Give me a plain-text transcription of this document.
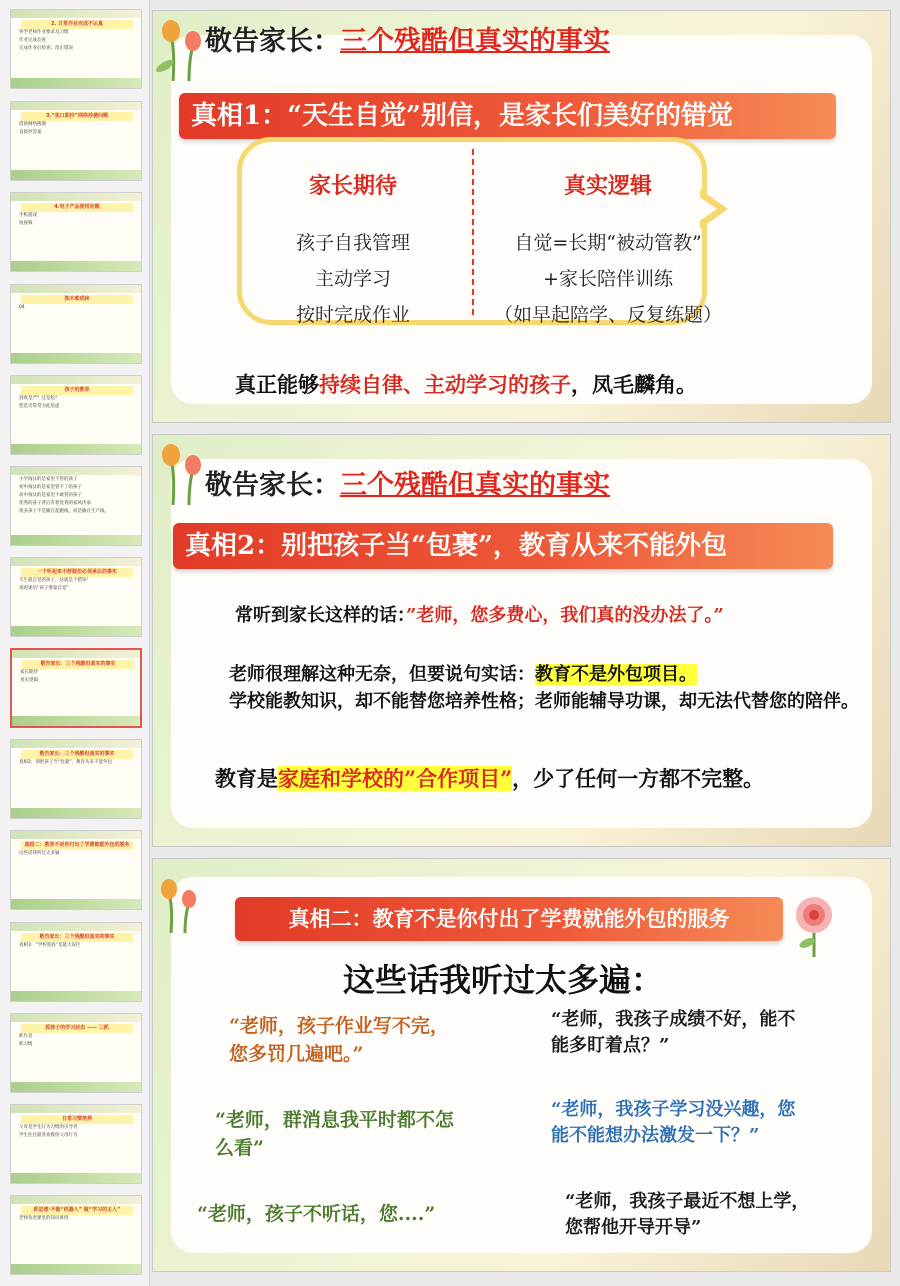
2. 日常作业完成不认真

各学老师作业要求及习惯

作业完成态度

完成作业后检查，改正错误

3.“张口即抄”网络抄袭问题

借助网络搜题

直接抄答案

4.电子产品使用问题

手机游戏

短视频

独木难成林

04

孩子的教育

到底是严？还是松？

您是否常常为此焦虑

小学淘汰的是家里不管的孩子

初中淘汰的是家里管不了的孩子

高中淘汰的是家里不敢管的孩子

优秀的孩子背后有着优秀的家风传承

很多孩子不是输在起跑线，而是输在生产线。

一个听起来不舒服但必须承认的事实

天生就自觉的孩子，这就是个错误！

别再迷信“孩子要靠自觉”

敬告家长：三个残酷但真实的事实

家长期待

真实逻辑

敬告家长：三个残酷但真实的事实

真相2：别把孩子当“包裹”，教育从来不能外包

真相二：教育不是你付出了学费就能外包的服务

这些话我听过太多遍

敬告家长：三个残酷但真实的事实

真相3：“学校兜底”是最大误区

抓孩子的学习状态 —— 三抓

抓作息

抓习惯

日常习惯培养

父母是学生行为习惯的引导者

学生往往最喜欢模仿父母行为

抓思想·不做“机器人” 做“学习的主人”

老师负责课堂的知识讲授

敬告家长：三个残酷但真实的事实
真相1：“天生自觉”别信，是家长们美好的错觉
家长期待	真实逻辑
孩子自我管理
主动学习
按时完成作业
自觉=长期“被动管教”
+家长陪伴训练
（如早起陪学、反复练题）
真正能够持续自律、主动学习的孩子，凤毛麟角。
敬告家长：三个残酷但真实的事实
真相2：别把孩子当“包裹”，教育从来不能外包
常听到家长这样的话：”老师，您多费心，我们真的没办法了。”
老师很理解这种无奈，但要说句实话：教育不是外包项目。
学校能教知识，却不能替您培养性格；老师能辅导功课，却无法代替您的陪伴。
教育是家庭和学校的”合作项目”，少了任何一方都不完整。
真相二：教育不是你付出了学费就能外包的服务
这些话我听过太多遍：
“老师，孩子作业写不完，
您多罚几遍吧。”
“老师，我孩子成绩不好，能不
能多盯着点？”
“老师，群消息我平时都不怎
么看”
“老师，我孩子学习没兴趣，您
能不能想办法激发一下？”
“老师，孩子不听话，您....”
“老师，我孩子最近不想上学，
您帮他开导开导”
